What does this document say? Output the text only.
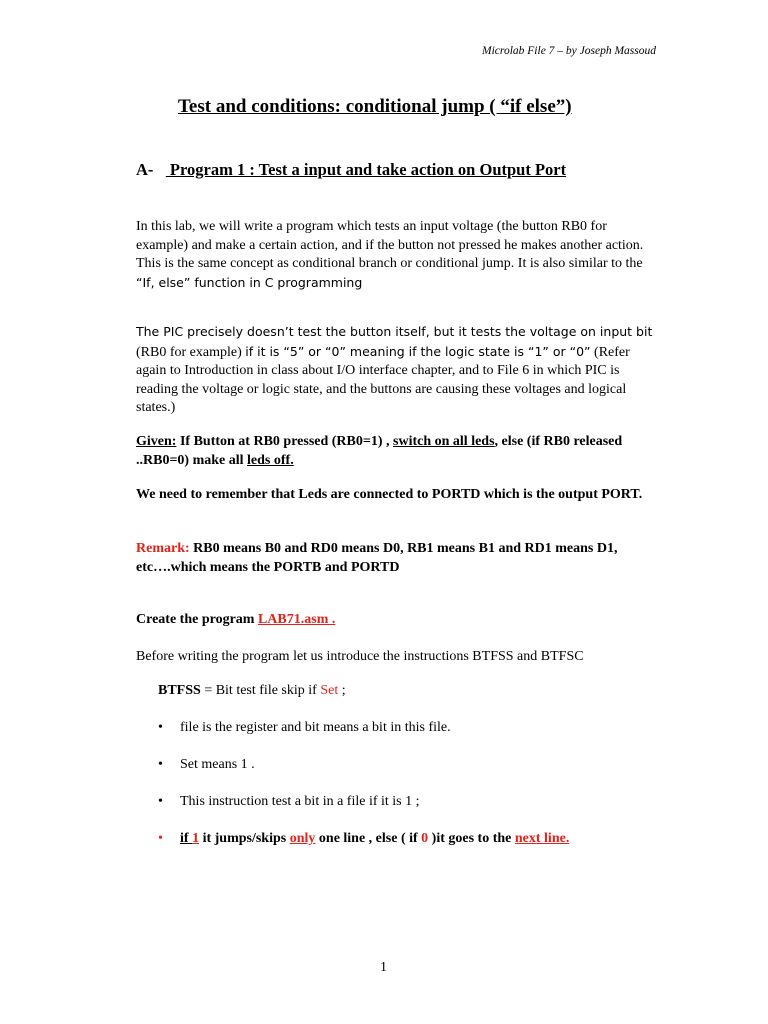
Microlab File 7 – by Joseph Massoud
Test and conditions: conditional jump ( “if else”)
A-    Program 1 : Test a input and take action on Output Port
In this lab, we will write a program which tests an input voltage (the button RB0 for example) and make a certain action, and if the button not pressed he makes another action.
This is the same concept as conditional branch or conditional jump. It is also similar to the “If, else” function in C programming
The PIC precisely doesn’t test the button itself, but it tests the voltage on input bit (RB0 for example) if it is “5” or “0” meaning if the logic state is “1” or “0” (Refer again to Introduction in class about I/O interface chapter, and to File 6 in which PIC is reading the voltage or logic state, and the buttons are causing these voltages and logical states.)
Given: If Button at RB0 pressed (RB0=1) , switch on all leds, else (if RB0 released ..RB0=0) make all leds off.
We need to remember that Leds are connected to PORTD which is the output PORT.
Remark: RB0 means B0 and RD0 means D0, RB1 means B1 and RD1 means D1, etc….which means the PORTB and PORTD
Create the program LAB71.asm .
Before writing the program let us introduce the instructions BTFSS and BTFSC
BTFSS = Bit test file skip if Set ;
• file is the register and bit means a bit in this file.
• Set means 1 .
• This instruction test a bit in a file if it is 1 ;
• if 1 it jumps/skips only one line , else ( if 0 )it goes to the next line.
1
